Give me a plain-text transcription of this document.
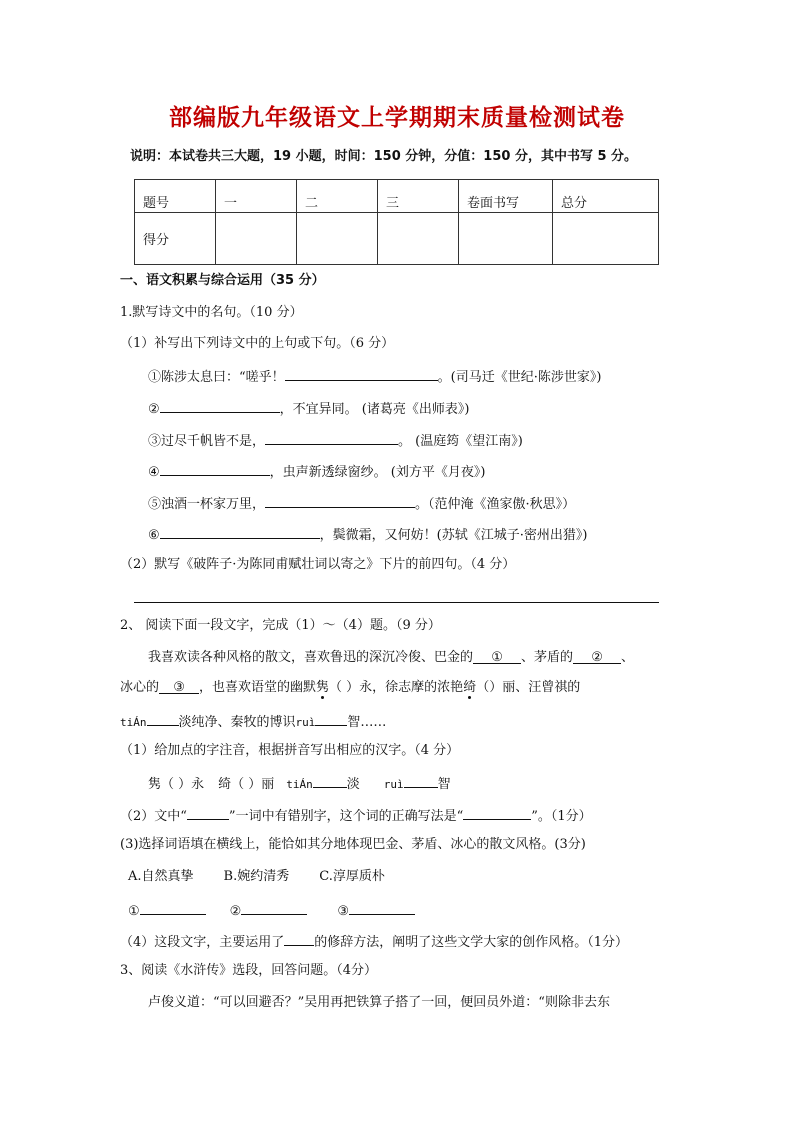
部编版九年级语文上学期期末质量检测试卷
说明：本试卷共三大题，19 小题，时间：150 分钟，分值：150 分，其中书写 5 分。
题号	一	二	三	卷面书写	总分
得分					
一、语文积累与综合运用（35 分）
1.默写诗文中的名句。（10 分）
（1）补写出下列诗文中的上句或下句。（6 分）
①陈涉太息曰：“嗟乎！	。(司马迁《世纪·陈涉世家》)
②	，不宜异同。 (诸葛亮《出师表》)
③过尽千帆皆不是，	。 (温庭筠《望江南》)
④	，虫声新透绿窗纱。 (刘方平《月夜》)
⑤浊酒一杯家万里，	。（范仲淹《渔家傲·秋思》）
⑥	，鬓微霜，又何妨！(苏轼《江城子·密州出猎》)
（2）默写《破阵子·为陈同甫赋壮词以寄之》下片的前四句。（4 分）
2、 阅读下面一段文字，完成（1）～（4）题。（9 分）
我喜欢读各种风格的散文，喜欢鲁迅的深沉冷俊、巴金的 ① 、茅盾的 ② 、
冰心的 ③ ，也喜欢语堂的幽默隽（ ）永，徐志摩的浓艳绮（）丽、汪曾祺的
tiÁn 淡纯净、秦牧的博识ruì 智……
（1）给加点的字注音，根据拼音写出相应的汉字。（4 分）
隽（ ）永 绮（ ）丽 tiÁn	淡 ruì	智
（2）文中“	”一词中有错别字，这个词的正确写法是“	”。（1分）
(3)选择词语填在横线上，能恰如其分地体现巴金、茅盾、冰心的散文风格。(3分)
A.自然真挚 B.婉约清秀 C.淳厚质朴
①	②	③
（4）这段文字，主要运用了 的修辞方法，阐明了这些文学大家的创作风格。（1分）
3、阅读《水浒传》选段，回答问题。（4分）
卢俊义道：“可以回避否？”吴用再把铁算子搭了一回，便回员外道：“则除非去东
